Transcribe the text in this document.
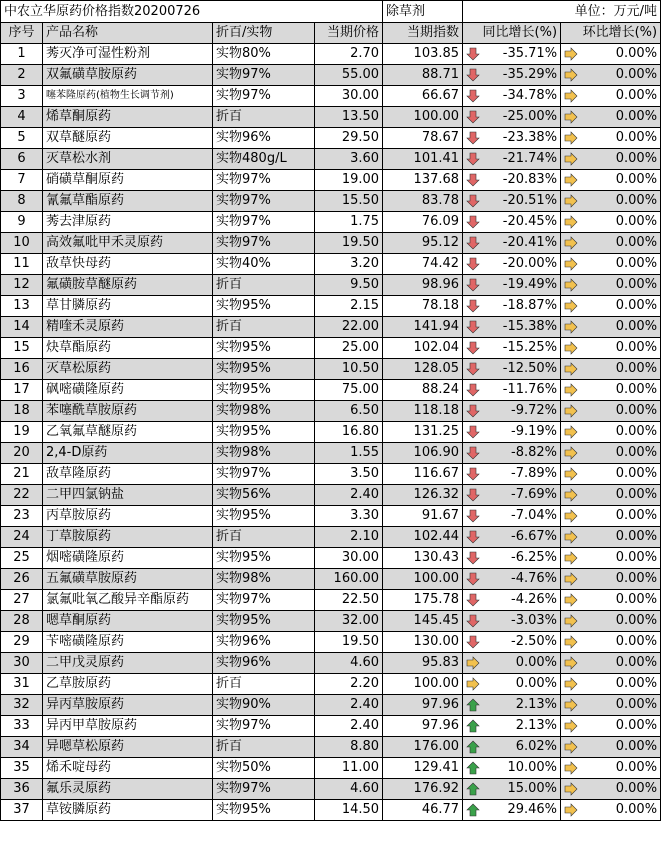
中农立华原药价格指数20200726				除草剂	单位：万元/吨	
序号	产品名称	折百/实物	当期价格	当期指数	同比增长(%)	环比增长(%)
1	莠灭净可湿性粉剂	实物80%	2.70	103.85	-35.71%	0.00%

2	双氟磺草胺原药	实物97%	55.00	88.71	-35.29%	0.00%

3	噻苯隆原药(植物生长调节剂)	实物97%	30.00	66.67	-34.78%	0.00%

4	烯草酮原药	折百	13.50	100.00	-25.00%	0.00%

5	双草醚原药	实物96%	29.50	78.67	-23.38%	0.00%

6	灭草松水剂	实物480g/L	3.60	101.41	-21.74%	0.00%

7	硝磺草酮原药	实物97%	19.00	137.68	-20.83%	0.00%

8	氰氟草酯原药	实物97%	15.50	83.78	-20.51%	0.00%

9	莠去津原药	实物97%	1.75	76.09	-20.45%	0.00%

10	高效氟吡甲禾灵原药	实物97%	19.50	95.12	-20.41%	0.00%

11	敌草快母药	实物40%	3.20	74.42	-20.00%	0.00%

12	氟磺胺草醚原药	折百	9.50	98.96	-19.49%	0.00%

13	草甘膦原药	实物95%	2.15	78.18	-18.87%	0.00%

14	精喹禾灵原药	折百	22.00	141.94	-15.38%	0.00%

15	炔草酯原药	实物95%	25.00	102.04	-15.25%	0.00%

16	灭草松原药	实物95%	10.50	128.05	-12.50%	0.00%

17	砜嘧磺隆原药	实物95%	75.00	88.24	-11.76%	0.00%

18	苯噻酰草胺原药	实物98%	6.50	118.18	-9.72%	0.00%

19	乙氧氟草醚原药	实物95%	16.80	131.25	-9.19%	0.00%

20	2,4-D原药	实物98%	1.55	106.90	-8.82%	0.00%

21	敌草隆原药	实物97%	3.50	116.67	-7.89%	0.00%

22	二甲四氯钠盐	实物56%	2.40	126.32	-7.69%	0.00%

23	丙草胺原药	实物95%	3.30	91.67	-7.04%	0.00%

24	丁草胺原药	折百	2.10	102.44	-6.67%	0.00%

25	烟嘧磺隆原药	实物95%	30.00	130.43	-6.25%	0.00%

26	五氟磺草胺原药	实物98%	160.00	100.00	-4.76%	0.00%

27	氯氟吡氧乙酸异辛酯原药	实物97%	22.50	175.78	-4.26%	0.00%

28	嗯草酮原药	实物95%	32.00	145.45	-3.03%	0.00%

29	苄嘧磺隆原药	实物96%	19.50	130.00	-2.50%	0.00%

30	二甲戊灵原药	实物96%	4.60	95.83	0.00%	0.00%

31	乙草胺原药	折百	2.20	100.00	0.00%	0.00%

32	异丙草胺原药	实物90%	2.40	97.96	2.13%	0.00%

33	异丙甲草胺原药	实物97%	2.40	97.96	2.13%	0.00%

34	异嗯草松原药	折百	8.80	176.00	6.02%	0.00%

35	烯禾啶母药	实物50%	11.00	129.41	10.00%	0.00%

36	氟乐灵原药	实物97%	4.60	176.92	15.00%	0.00%

37	草铵膦原药	实物95%	14.50	46.77	29.46%	0.00%
